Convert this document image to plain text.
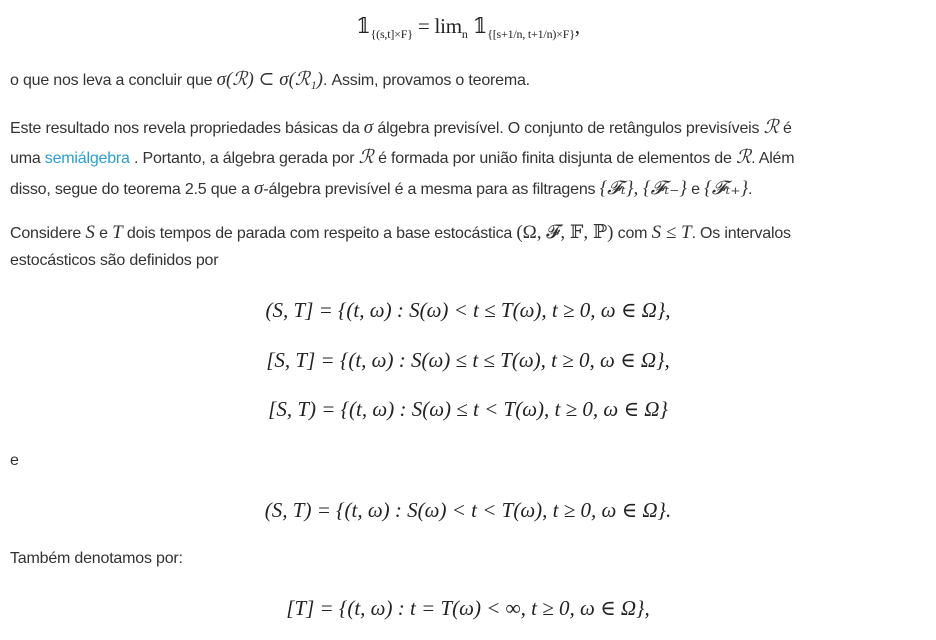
$𝟙_{\{(s,t]\times F\}} = \lim_n$ $𝟙_{\{[s+1/n, t+1/n)\times F\}}$,
o que nos leva a concluir que σ(ℛ) ⊂ σ(ℛ₁). Assim, provamos o teorema.
Este resultado nos revela propriedades básicas da σ álgebra previsível. O conjunto de retângulos previsíveis ℛ é
uma semiálgebra . Portanto, a álgebra gerada por ℛ é formada por união finita disjunta de elementos de ℛ. Além
disso, segue do teorema 2.5 que a σ-álgebra previsível é a mesma para as filtragens {𝓕ₜ}, {𝓕ₜ₋} e {𝓕ₜ₊}.
Considere S e T dois tempos de parada com respeito a base estocástica (Ω, 𝓕, 𝔽, ℙ) com S ≤ T. Os intervalos
estocásticos são definidos por
(S, T] = {(t, ω) : S(ω) < t ≤ T(ω), t ≥ 0, ω ∈ Ω},
[S, T] = {(t, ω) : S(ω) ≤ t ≤ T(ω), t ≥ 0, ω ∈ Ω},
[S, T) = {(t, ω) : S(ω) ≤ t < T(ω), t ≥ 0, ω ∈ Ω}
e
(S, T) = {(t, ω) : S(ω) < t < T(ω), t ≥ 0, ω ∈ Ω}.
Também denotamos por:
[T] = {(t, ω) : t = T(ω) < ∞, t ≥ 0, ω ∈ Ω},
